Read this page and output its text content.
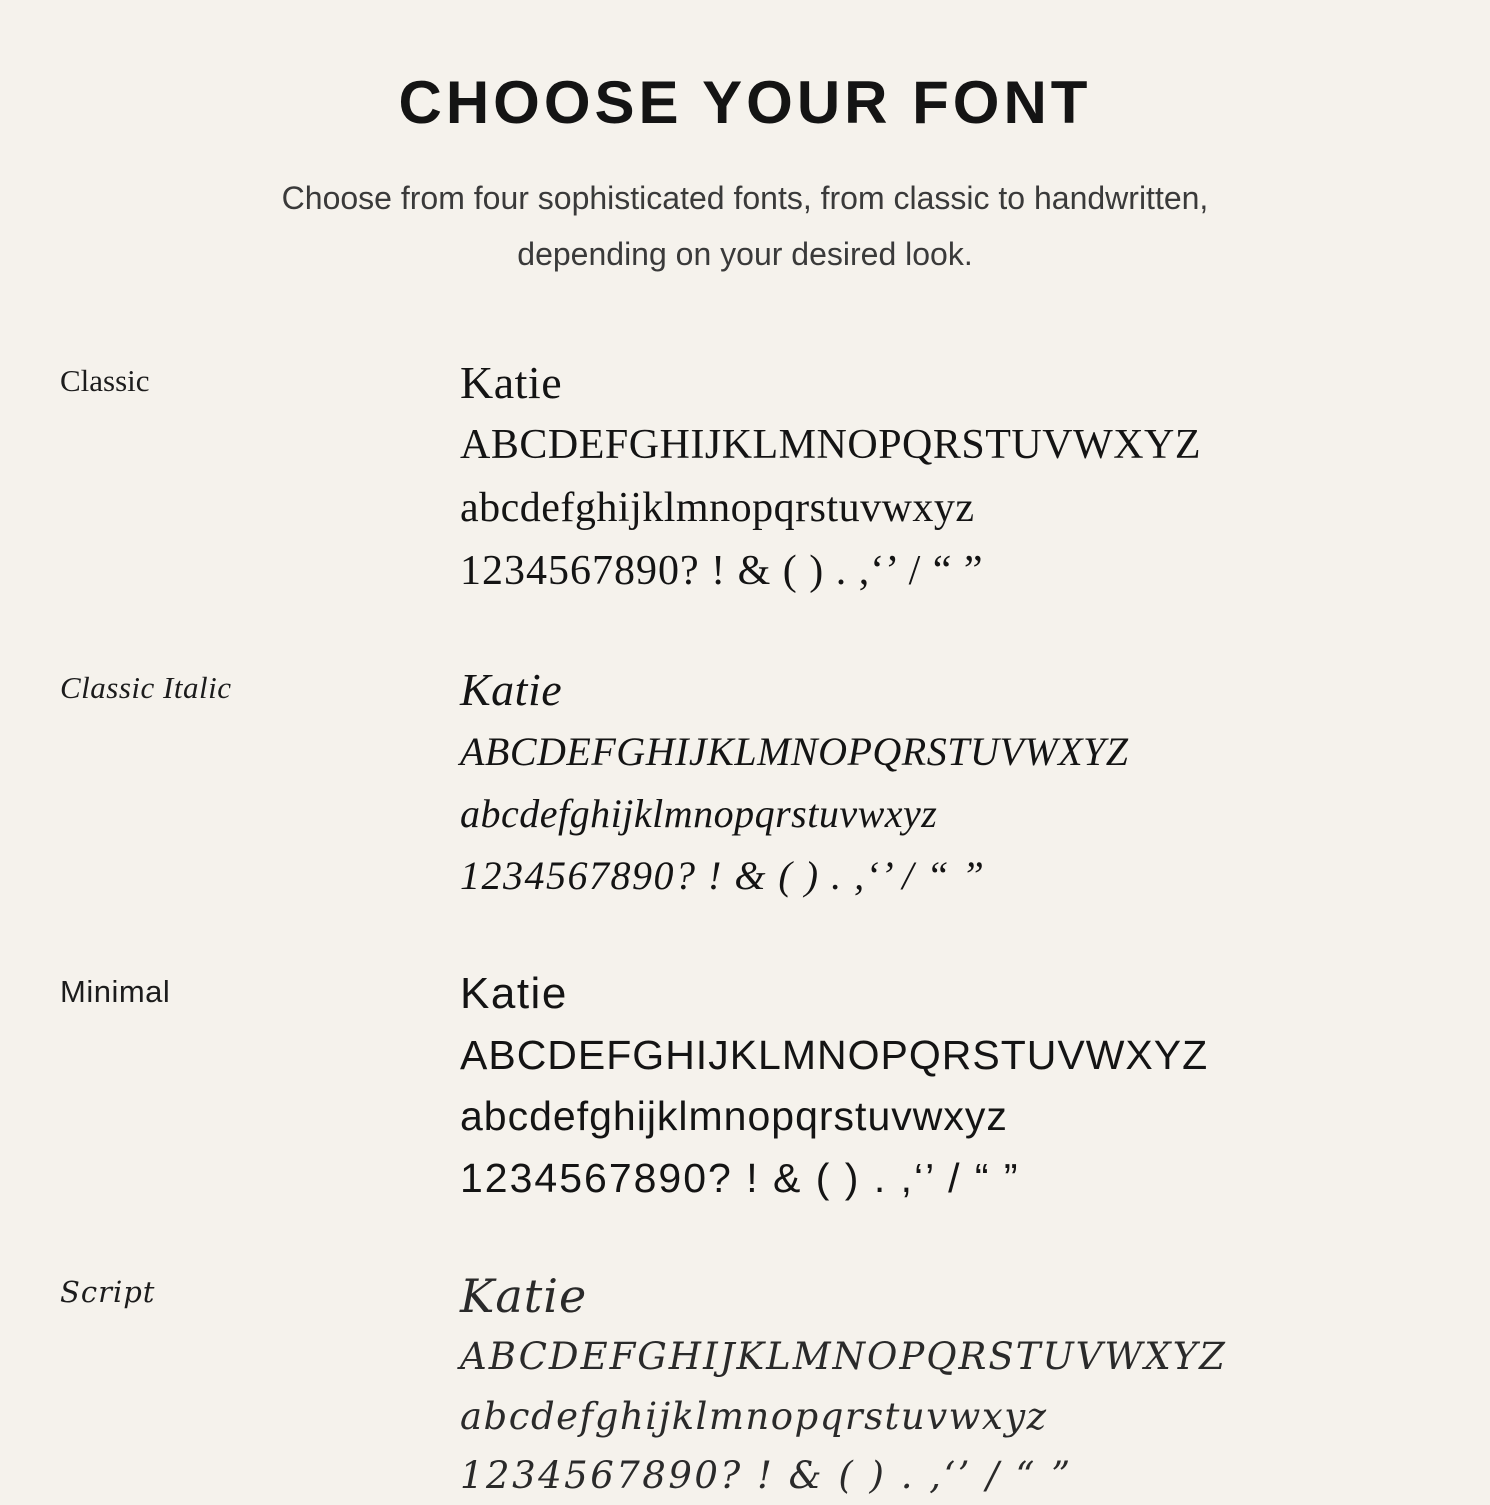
CHOOSE YOUR FONT
Choose from four sophisticated fonts, from classic to handwritten,
depending on your desired look.
Classic	Katie
ABCDEFGHIJKLMNOPQRSTUVWXYZ
abcdefghijklmnopqrstuvwxyz
1234567890? ! & ( ) . ,‘’ / “ ”
Classic Italic	Katie
ABCDEFGHIJKLMNOPQRSTUVWXYZ
abcdefghijklmnopqrstuvwxyz
1234567890? ! & ( ) . ,‘’ / “ ”
Minimal	Katie
ABCDEFGHIJKLMNOPQRSTUVWXYZ
abcdefghijklmnopqrstuvwxyz
1234567890? ! & ( ) . ,‘’ / “ ”
Script	Katie
ABCDEFGHIJKLMNOPQRSTUVWXYZ
abcdefghijklmnopqrstuvwxyz
1234567890? ! & ( ) . ,‘’ / “ ”
